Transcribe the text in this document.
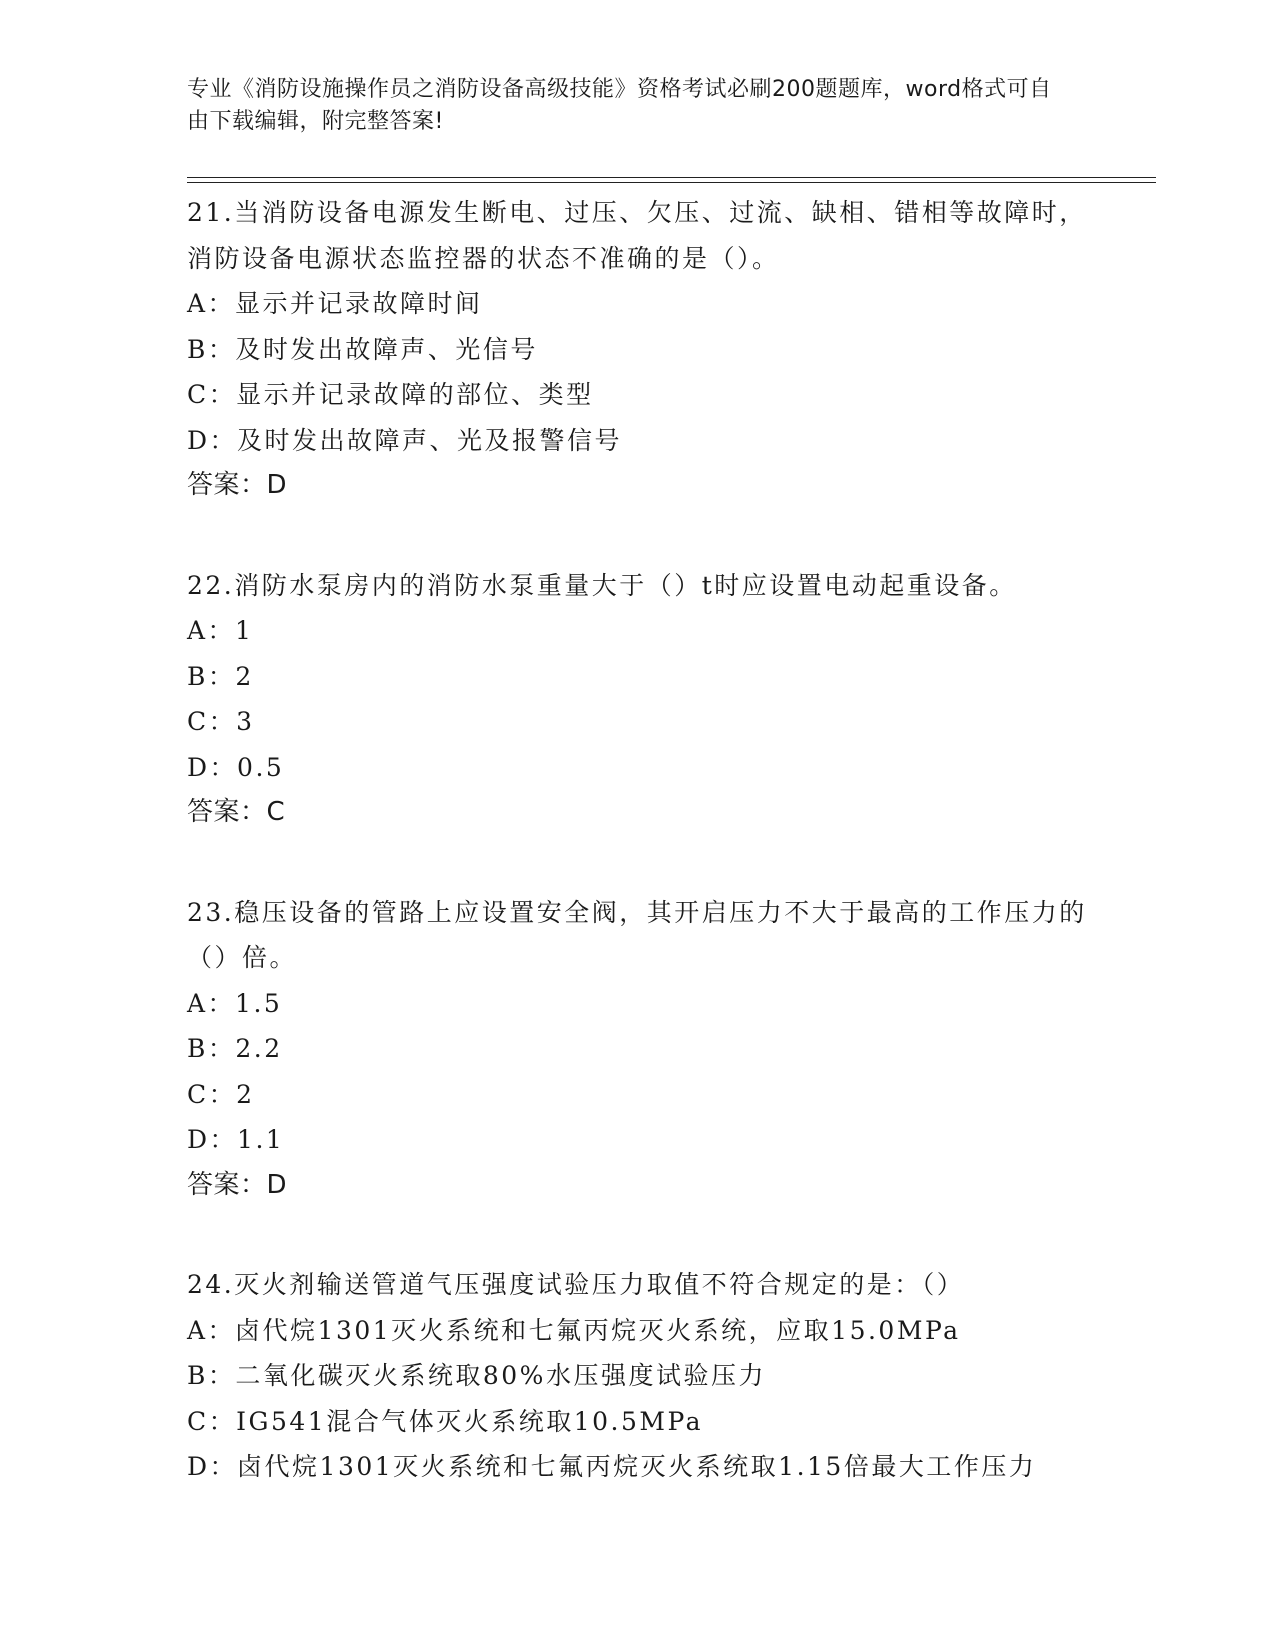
专业《消防设施操作员之消防设备高级技能》资格考试必刷200题题库，word格式可自由下载编辑，附完整答案!
21.当消防设备电源发生断电、过压、欠压、过流、缺相、错相等故障时，消防设备电源状态监控器的状态不准确的是（）。
A：显示并记录故障时间
B：及时发出故障声、光信号
C：显示并记录故障的部位、类型
D：及时发出故障声、光及报警信号
答案：D
22.消防水泵房内的消防水泵重量大于（）t时应设置电动起重设备。
A：1
B：2
C：3
D：0.5
答案：C
23.稳压设备的管路上应设置安全阀，其开启压力不大于最高的工作压力的（）倍。
A：1.5
B：2.2
C：2
D：1.1
答案：D
24.灭火剂输送管道气压强度试验压力取值不符合规定的是：（）
A：卤代烷1301灭火系统和七氟丙烷灭火系统，应取15.0MPa
B：二氧化碳灭火系统取80%水压强度试验压力
C：IG541混合气体灭火系统取10.5MPa
D：卤代烷1301灭火系统和七氟丙烷灭火系统取1.15倍最大工作压力
